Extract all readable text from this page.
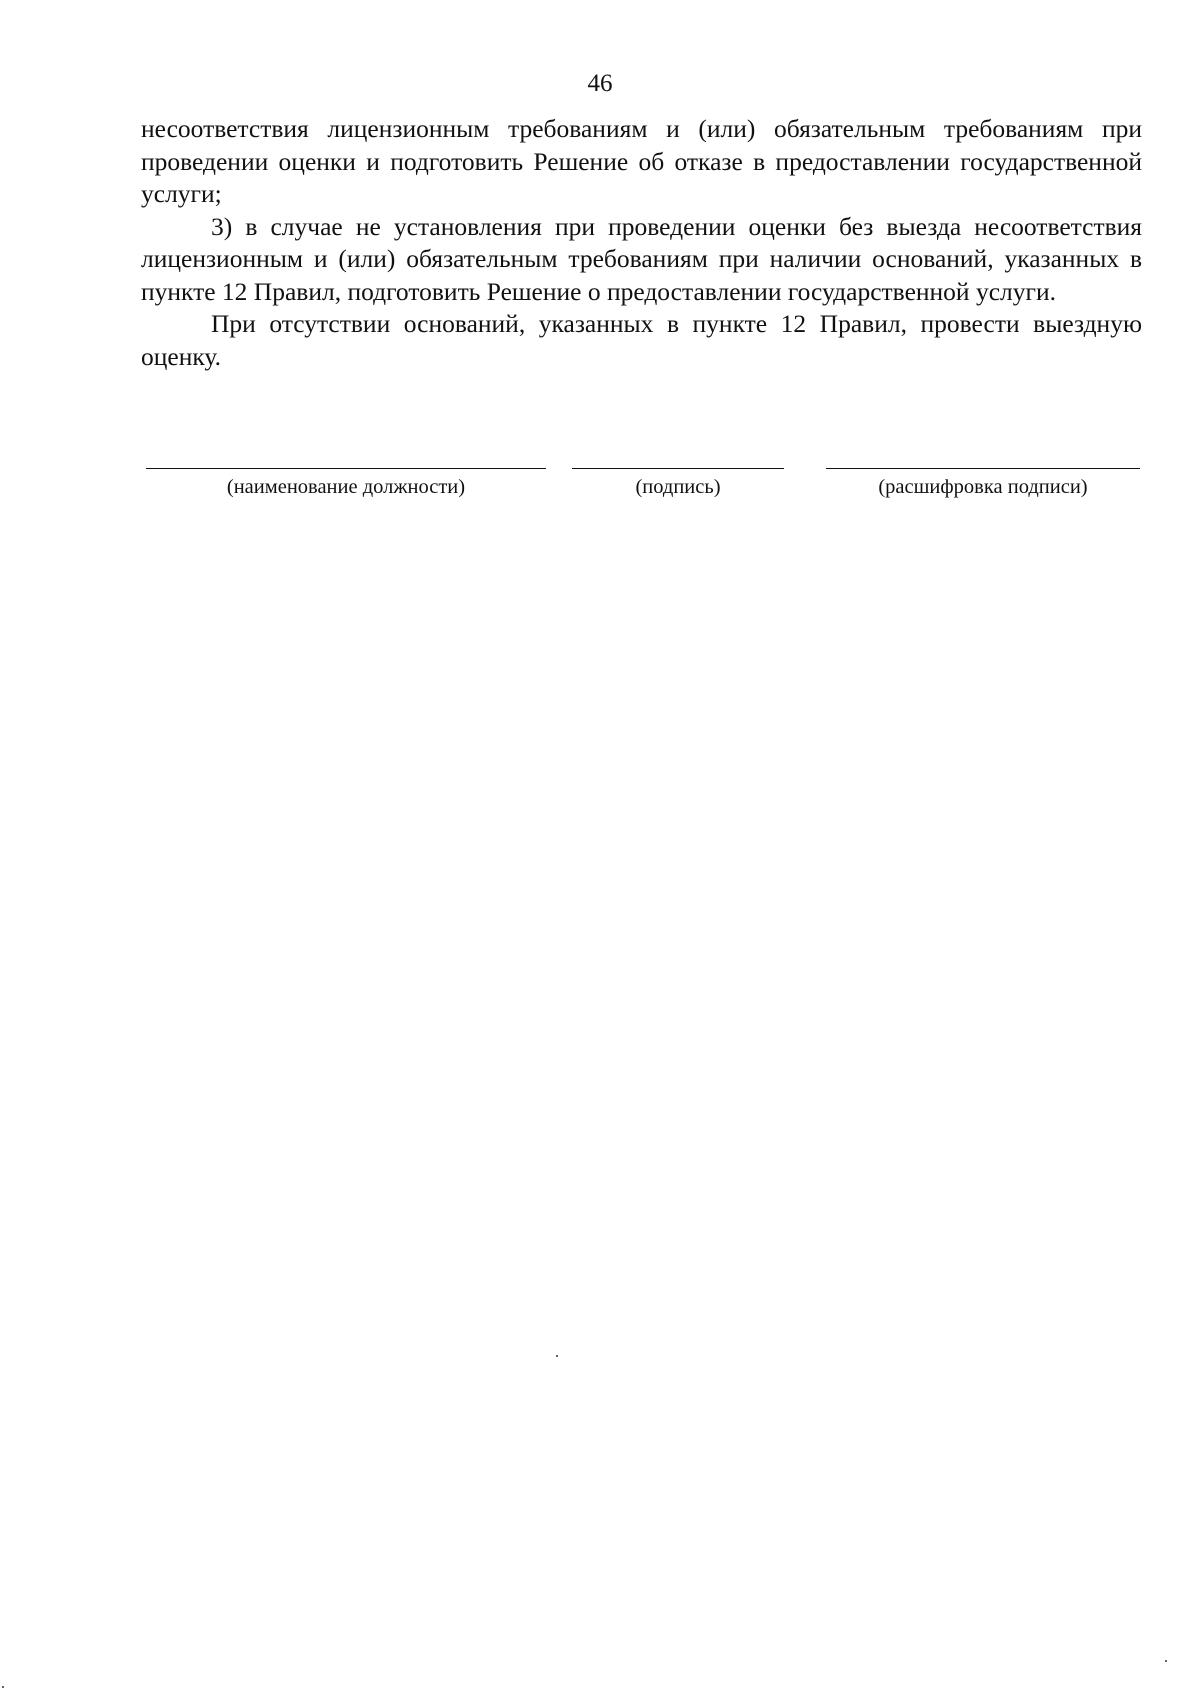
46

несоответствия лицензионным требованиям и (или) обязательным требованиям при проведении оценки и подготовить Решение об отказе в предоставлении государственной услуги;

3) в случае не установления при проведении оценки без выезда несоответствия лицензионным и (или) обязательным требованиям при наличии оснований, указанных в пункте 12 Правил, подготовить Решение о предоставлении государственной услуги.

При отсутствии оснований, указанных в пункте 12 Правил, провести выездную оценку.

(наименование должности)	(подпись)	(расшифровка подписи)
